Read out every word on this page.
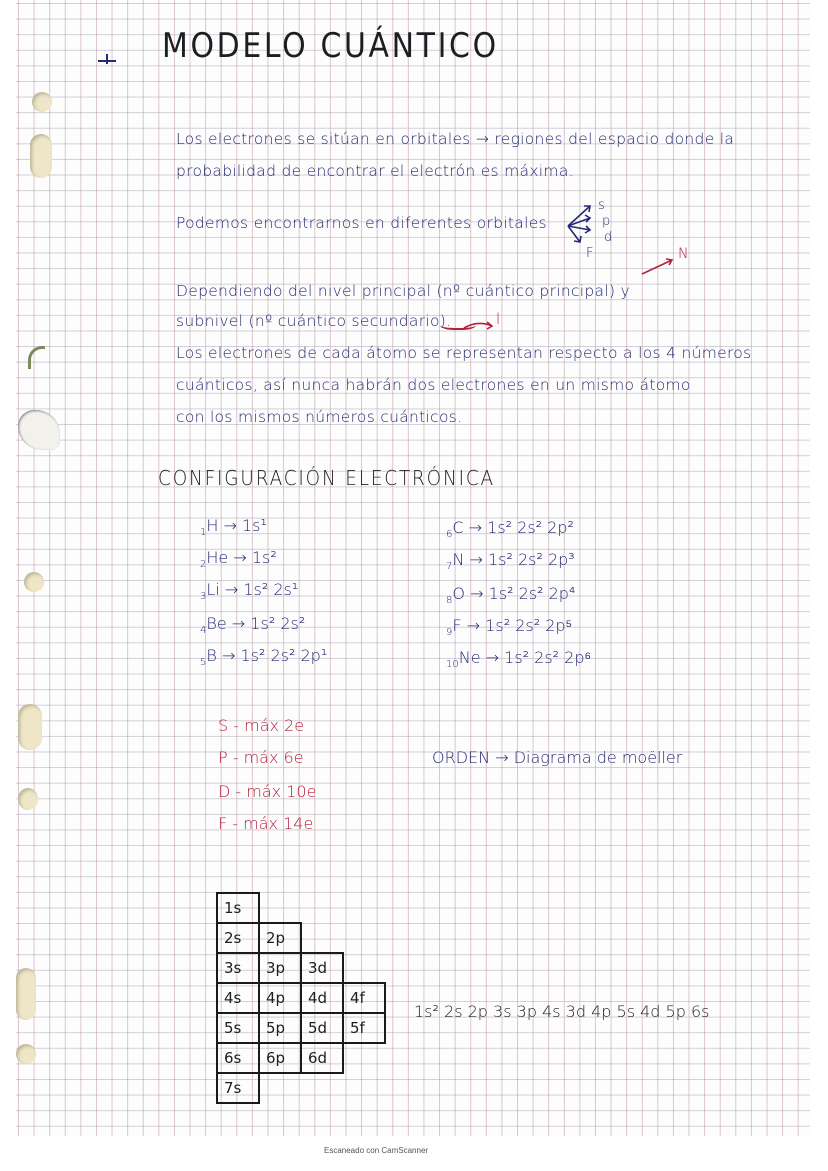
MODELO CUÁNTICO
Los electrones se sitúan en orbitales → regiones del espacio donde la
probabilidad de encontrar el electrón es máxima.
Podemos encontrarnos en diferentes orbitales
s
p
d
F	N
Dependiendo del nivel principal (nº cuántico principal) y
subnivel (nº cuántico secundario).	l
Los electrones de cada átomo se representan respecto a los 4 números
cuánticos, así nunca habrán dos electrones en un mismo átomo
con los mismos números cuánticos.
CONFIGURACIÓN ELECTRÓNICA
$_1$H → 1s¹
$_2$He → 1s²
$_3$Li → 1s² 2s¹
$_4$Be → 1s² 2s²
$_5$B → 1s² 2s² 2p¹
$_6$C → 1s² 2s² 2p²
$_7$N → 1s² 2s² 2p³
$_8$O → 1s² 2s² 2p⁴
$_9$F → 1s² 2s² 2p⁵
$_{10}$Ne → 1s² 2s² 2p⁶
S - máx 2e
P - máx 6e
D - máx 10e
F - máx 14e
ORDEN → Diagrama de moëller
1s			
2s	2p		
3s	3p	3d	
4s	4p	4d	4f
5s	5p	5d	5f
6s	6p	6d	
7s			
1s² 2s 2p 3s 3p 4s 3d 4p 5s 4d 5p 6s
Escaneado con CamScanner
